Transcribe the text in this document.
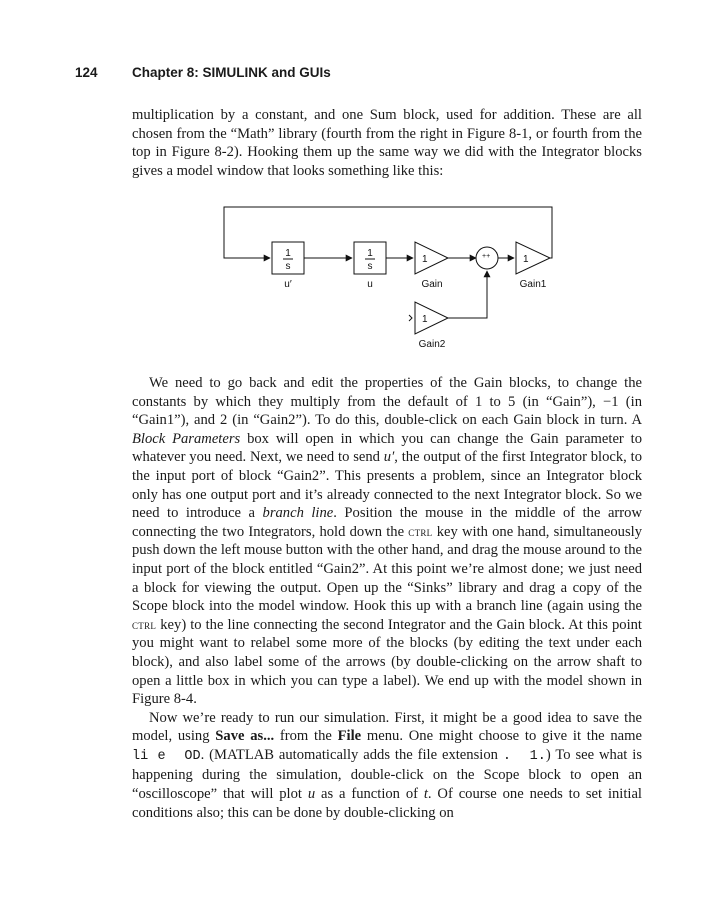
124	Chapter 8: SIMULINK and GUIs

multiplication by a constant, and one Sum block, used for addition. These are all chosen from the “Math” library (fourth from the right in Figure 8-1, or fourth from the top in Figure 8-2). Hooking them up the same way we did with the Integrator blocks gives a model window that looks something like this:

1
s
1
s
1	1
1
++
u′	u	Gain	Gain1
Gain2

We need to go back and edit the properties of the Gain blocks, to change the constants by which they multiply from the default of 1 to 5 (in “Gain”), −1 (in “Gain1”), and 2 (in “Gain2”). To do this, double-click on each Gain block in turn. A Block Parameters box will open in which you can change the Gain parameter to whatever you need. Next, we need to send u′, the output of the first Integrator block, to the input port of block “Gain2”. This presents a problem, since an Integrator block only has one output port and it’s already connected to the next Integrator block. So we need to introduce a branch line. Position the mouse in the middle of the arrow connecting the two Integrators, hold down the ctrl key with one hand, simultaneously push down the left mouse button with the other hand, and drag the mouse around to the input port of the block entitled “Gain2”. At this point we’re almost done; we just need a block for viewing the output. Open up the “Sinks” library and drag a copy of the Scope block into the model window. Hook this up with a branch line (again using the ctrl key) to the line connecting the second Integrator and the Gain block. At this point you might want to relabel some more of the blocks (by editing the text under each block), and also label some of the arrows (by double-clicking on the arrow shaft to open a little box in which you can type a label). We end up with the model shown in Figure 8-4.

Now we’re ready to run our simulation. First, it might be a good idea to save the model, using Save as... from the File menu. One might choose to give it the name li e  OD. (MATLAB automatically adds the file extension .  1.) To see what is happening during the simulation, double-click on the Scope block to open an “oscilloscope” that will plot u as a function of t. Of course one needs to set initial conditions also; this can be done by double-clicking on
